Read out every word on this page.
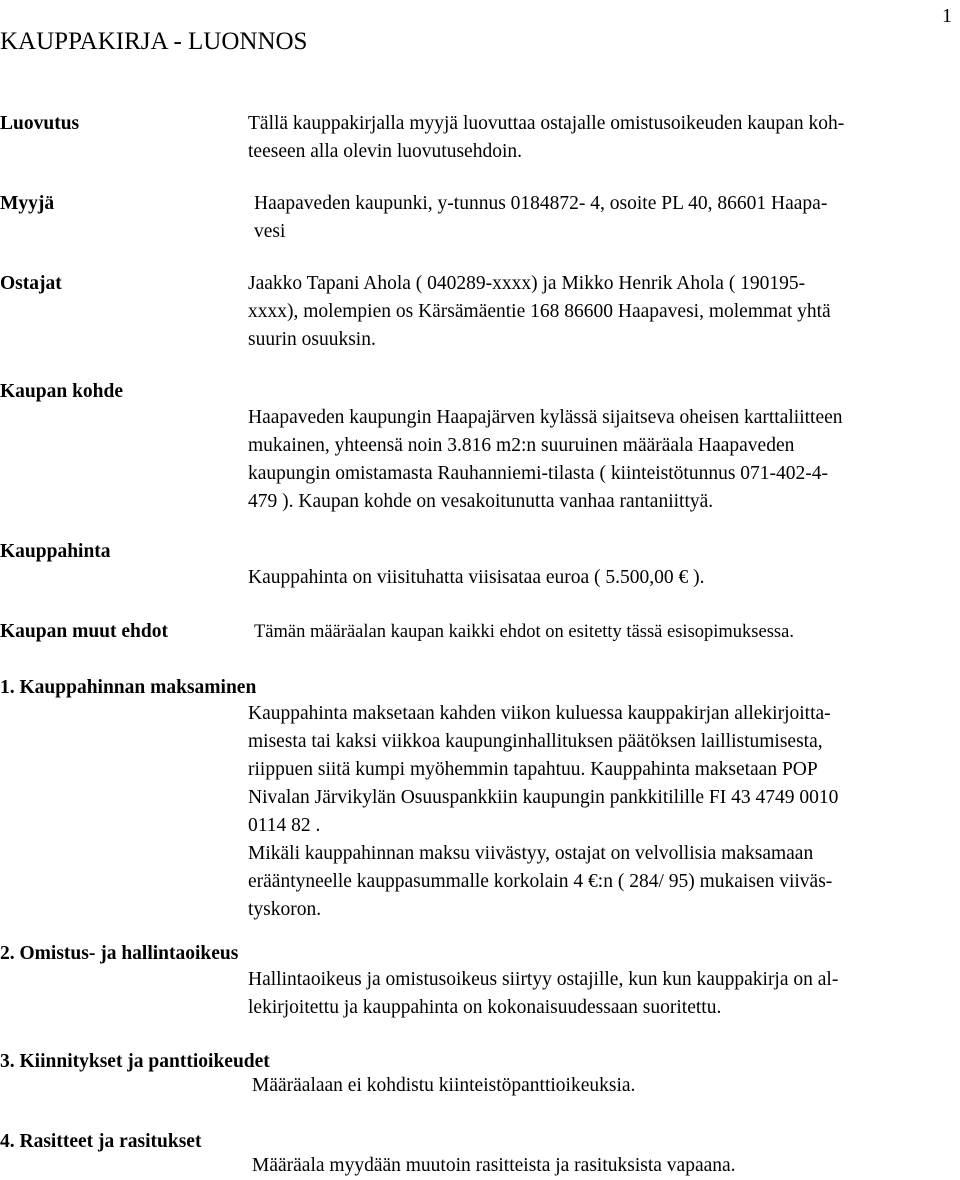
1
KAUPPAKIRJA - LUONNOS
Luovutus	Tällä kauppakirjalla myyjä luovuttaa ostajalle omistusoikeuden kaupan koh-
teeseen alla olevin luovutusehdoin.
Myyjä	Haapaveden kaupunki, y-tunnus 0184872- 4, osoite PL 40, 86601 Haapa-
vesi
Ostajat	Jaakko Tapani Ahola ( 040289-xxxx) ja Mikko Henrik Ahola ( 190195-
xxxx), molempien os Kärsämäentie 168 86600 Haapavesi, molemmat yhtä
suurin osuuksin.
Kaupan kohde
Haapaveden kaupungin Haapajärven kylässä sijaitseva oheisen karttaliitteen
mukainen, yhteensä noin 3.816 m2:n suuruinen määräala Haapaveden
kaupungin omistamasta Rauhanniemi-tilasta ( kiinteistötunnus 071-402-4-
479 ). Kaupan kohde on vesakoitunutta vanhaa rantaniittyä.
Kauppahinta
Kauppahinta on viisituhatta viisisataa euroa ( 5.500,00 € ).
Kaupan muut ehdot	Tämän määräalan kaupan kaikki ehdot on esitetty tässä esisopimuksessa.
1. Kauppahinnan maksaminen
Kauppahinta maksetaan kahden viikon kuluessa kauppakirjan allekirjoitta-
misesta tai kaksi viikkoa kaupunginhallituksen päätöksen laillistumisesta,
riippuen siitä kumpi myöhemmin tapahtuu. Kauppahinta maksetaan POP
Nivalan Järvikylän Osuuspankkiin kaupungin pankkitilille FI 43 4749 0010
0114 82 .
Mikäli kauppahinnan maksu viivästyy, ostajat on velvollisia maksamaan
erääntyneelle kauppasummalle korkolain 4 €:n ( 284/ 95) mukaisen viiväs-
tyskoron.
2. Omistus- ja hallintaoikeus
Hallintaoikeus ja omistusoikeus siirtyy ostajille, kun kun kauppakirja on al-
lekirjoitettu ja kauppahinta on kokonaisuudessaan suoritettu.
3. Kiinnitykset ja panttioikeudet
Määräalaan ei kohdistu kiinteistöpanttioikeuksia.
4. Rasitteet ja rasitukset
Määräala myydään muutoin rasitteista ja rasituksista vapaana.
